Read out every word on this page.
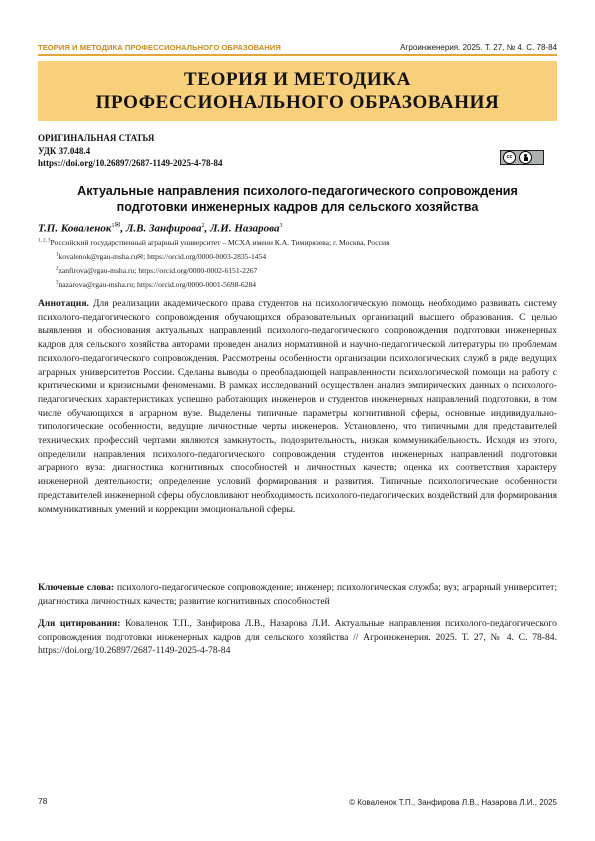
ТЕОРИЯ И МЕТОДИКА ПРОФЕССИОНАЛЬНОГО ОБРАЗОВАНИЯ	Агроинженерия. 2025. Т. 27, № 4. С. 78-84
ТЕОРИЯ И МЕТОДИКА
ПРОФЕССИОНАЛЬНОГО ОБРАЗОВАНИЯ
ОРИГИНАЛЬНАЯ СТАТЬЯ
УДК 37.048.4
https://doi.org/10.26897/2687-1149-2025-4-78-84
cc
Актуальные направления психолого-педагогического сопровождения
подготовки инженерных кадров для сельского хозяйства
Т.П. Коваленок$^{1✉}$, Л.В. Занфирова$^2$, Л.И. Назарова$^3$
$^{1, 2, 3}$Российский государственный аграрный университет – МСХА имени К.А. Тимирязева; г. Москва, Россия
$^1$kovalenok@rgau-msha.ru✉; https://orcid.org/0000-0003-2835-1454
$^2$zanfirova@rgau-msha.ru; https://orcid.org/0000-0002-6151-2267
$^3$nazarova@rgau-msha.ru; https://orcid.org/0000-0001-5698-6284
Аннотация. Для реализации академического права студентов на психологическую помощь необходимо развивать систему психолого-педагогического сопровождения обучающихся образовательных организаций высшего образования. С целью выявления и обоснования актуальных направлений психолого-педагогического сопровождения подготовки инженерных кадров для сельского хозяйства авторами проведен анализ нормативной и научно-педагогической литературы по проблемам психолого-педагогического сопровождения. Рассмотрены особенности организации психологических служб в ряде ведущих аграрных университетов России. Сделаны выводы о преобладающей направленности психологической помощи на работу с критическими и кризисными феноменами. В рамках исследований осуществлен анализ эмпирических данных о психолого-педагогических характеристиках успешно работающих инженеров и студентов инженерных направлений подготовки, в том числе обучающихся в аграрном вузе. Выделены типичные параметры когнитивной сферы, основные индивидуально-типологические особенности, ведущие личностные черты инженеров. Установлено, что типичными для представителей технических профессий чертами являются замкнутость, подозрительность, низкая коммуникабельность. Исходя из этого, определили направления психолого-педагогического сопровождения студентов инженерных направлений подготовки аграрного вуза: диагностика когнитивных способностей и личностных качеств; оценка их соответствия характеру инженерной деятельности; определение условий формирования и развития. Типичные психологические особенности представителей инженерной сферы обусловливают необходимость психолого-педагогических воздействий для формирования коммуникативных умений и коррекции эмоциональной сферы.
Ключевые слова: психолого-педагогическое сопровождение; инженер; психологическая служба; вуз; аграрный университет; диагностика личностных качеств; развитие когнитивных способностей
Для цитирования: Коваленок Т.П., Занфирова Л.В., Назарова Л.И. Актуальные направления психолого-педагогического сопровождения подготовки инженерных кадров для сельского хозяйства // Агроинженерия. 2025. Т. 27, № 4. С. 78-84. https://doi.org/10.26897/2687-1149-2025-4-78-84
78	© Коваленок Т.П., Занфирова Л.В., Назарова Л.И., 2025
